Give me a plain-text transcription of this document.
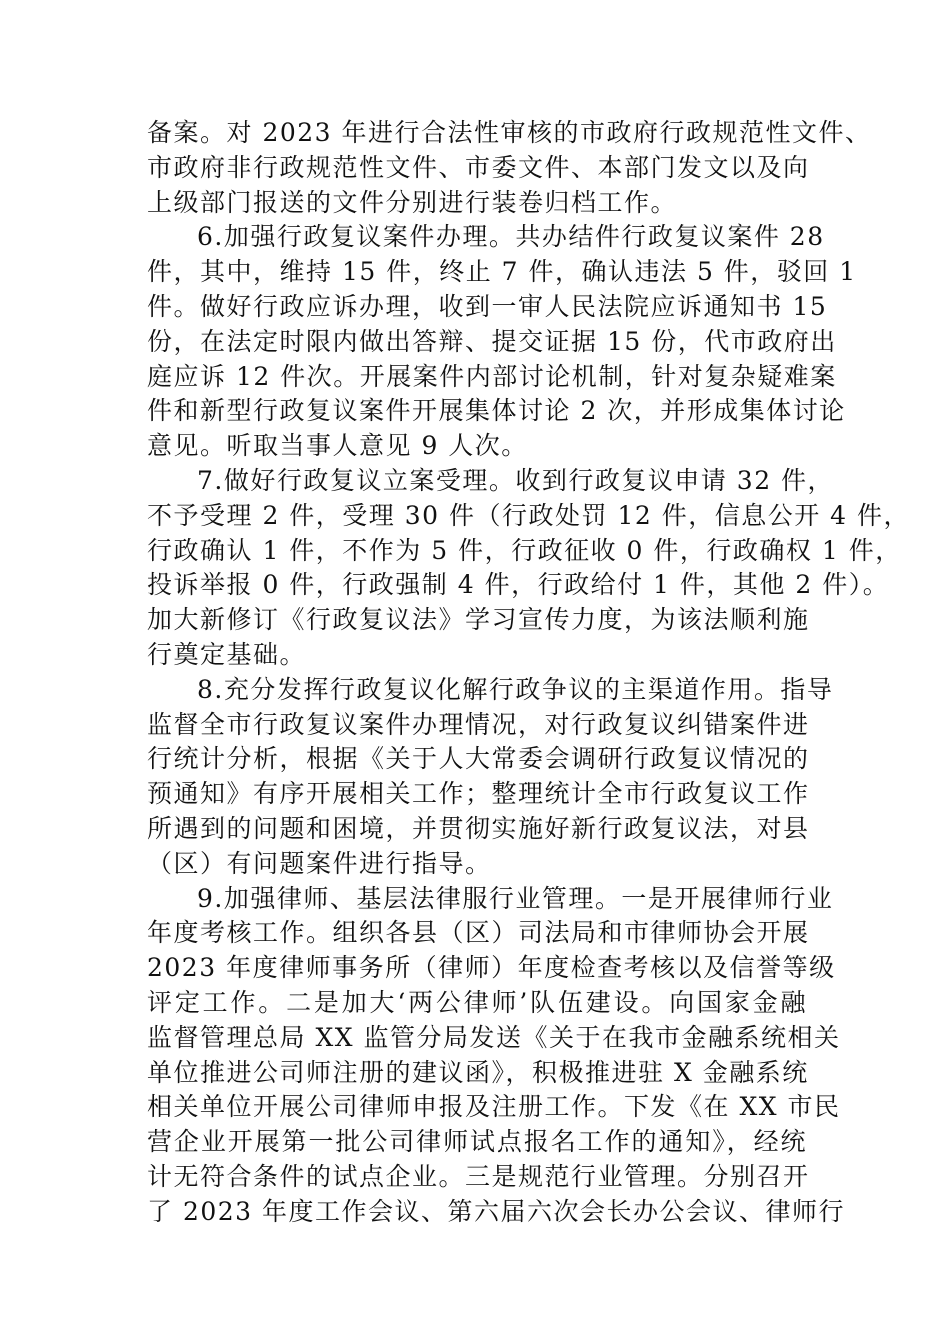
备案。对 2023 年进行合法性审核的市政府行政规范性文件、
市政府非行政规范性文件、市委文件、本部门发文以及向
上级部门报送的文件分别进行装卷归档工作。
6.加强行政复议案件办理。共办结件行政复议案件 28
件，其中，维持 15 件，终止 7 件，确认违法 5 件，驳回 1
件。做好行政应诉办理，收到一审人民法院应诉通知书 15
份，在法定时限内做出答辩、提交证据 15 份，代市政府出
庭应诉 12 件次。开展案件内部讨论机制，针对复杂疑难案
件和新型行政复议案件开展集体讨论 2 次，并形成集体讨论
意见。听取当事人意见 9 人次。
7.做好行政复议立案受理。收到行政复议申请 32 件，
不予受理 2 件，受理 30 件（行政处罚 12 件，信息公开 4 件，
行政确认 1 件，不作为 5 件，行政征收 0 件，行政确权 1 件，
投诉举报 0 件，行政强制 4 件，行政给付 1 件，其他 2 件）。
加大新修订《行政复议法》学习宣传力度，为该法顺利施
行奠定基础。
8.充分发挥行政复议化解行政争议的主渠道作用。指导
监督全市行政复议案件办理情况，对行政复议纠错案件进
行统计分析，根据《关于人大常委会调研行政复议情况的
预通知》有序开展相关工作；整理统计全市行政复议工作
所遇到的问题和困境，并贯彻实施好新行政复议法，对县
（区）有问题案件进行指导。
9.加强律师、基层法律服行业管理。一是开展律师行业
年度考核工作。组织各县（区）司法局和市律师协会开展
2023 年度律师事务所（律师）年度检查考核以及信誉等级
评定工作。二是加大‘两公律师’队伍建设。向国家金融
监督管理总局 XX 监管分局发送《关于在我市金融系统相关
单位推进公司师注册的建议函》，积极推进驻 X 金融系统
相关单位开展公司律师申报及注册工作。下发《在 XX 市民
营企业开展第一批公司律师试点报名工作的通知》，经统
计无符合条件的试点企业。三是规范行业管理。分别召开
了 2023 年度工作会议、第六届六次会长办公会议、律师行
